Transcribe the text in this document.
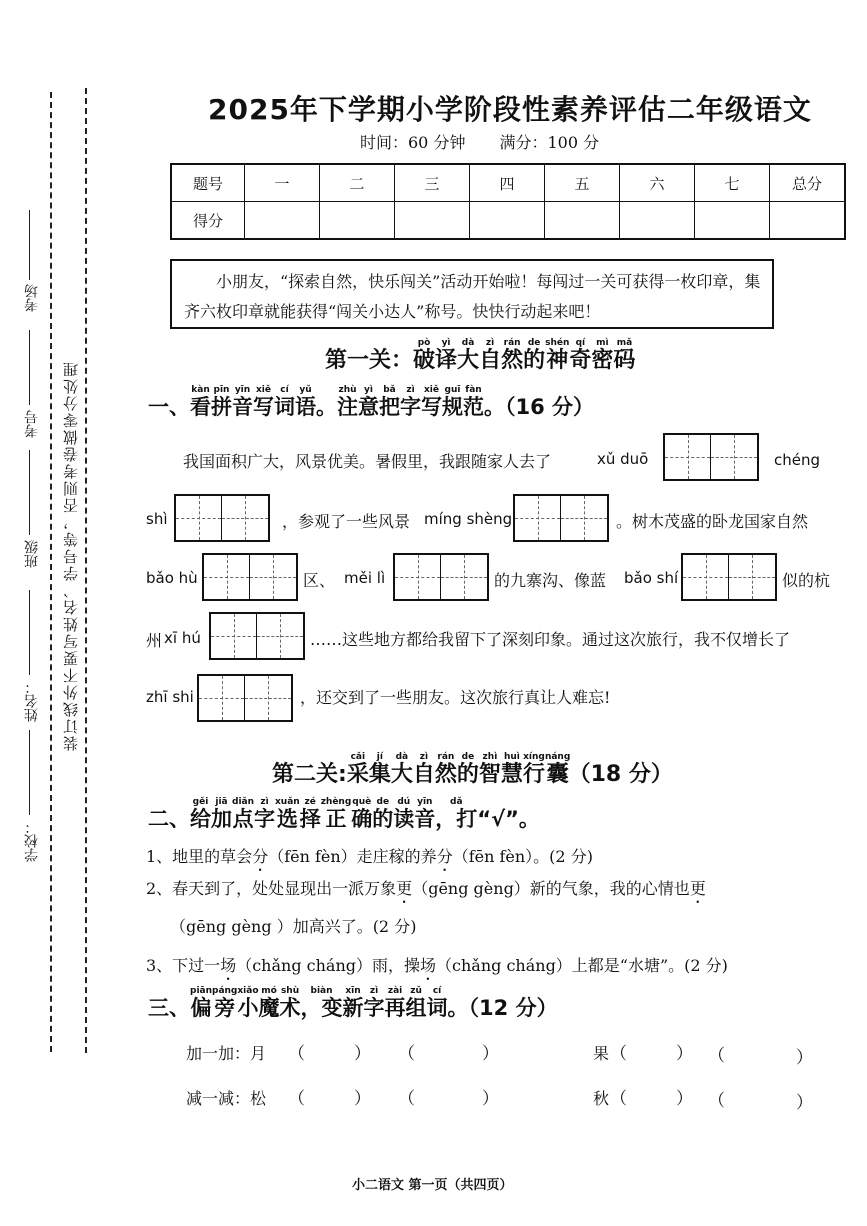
装订线外不要写姓名、学号等，否则考卷做零分处理
考场
考号
班级
姓名：
学校：
2025年下学期小学阶段性素养评估二年级语文
时间：60 分钟 满分：100 分
题号	一	二	三	四	五	六	七	总分
得分								
小朋友，“探索自然，快乐闯关”活动开始啦！每闯过一关可获得一枚印章，集齐六枚印章就能获得“闯关小达人”称号。快快行动起来吧！
第一关：破pò译yì大dà自zì然rán的de神shén奇qí密mì码mǎ
一、看kàn拼pīn音yīn写xiě词cí语yǔ。注zhù意yì把bǎ字zì写xiě规guī范fàn。（16 分）
我国面积广大，风景优美。暑假里，我跟随家人去了	xǔ duō	chéng
shì	，参观了一些风景 míng shèng	。树木茂盛的卧龙国家自然
bǎo hù	区、 měi lì	的九寨沟、像蓝 bǎo shí	似的杭
州 xī hú	……这些地方都给我留下了深刻印象。通过这次旅行，我不仅增长了
zhī shi	，还交到了一些朋友。这次旅行真让人难忘!
第二关:采cǎi集jí大dà自zì然rán的de智zhì慧huì行xíng囊náng（18 分）
二、给gěi加jiā点diǎn字zì选xuǎn择zé正zhèng确què的de读dú音yīn，打dǎ“√”。
1、地里的草会分（fēn fèn）走庄稼的养分（fēn fèn）。(2 分)
2、春天到了，处处显现出一派万象更（gēng gèng）新的气象，我的心情也更
（gēng gèng ）加高兴了。(2 分)
3、下过一场（chǎng cháng）雨，操场（chǎng cháng）上都是“水塘”。(2 分)
三、偏piān旁páng小xiǎo魔mó术shù，变biàn新xīn字zì再zài组zǔ词cí。（12 分）
加一加：月 （	） （	）	果 （	） （	）
减一减：松 （	） （	）	秋 （	） （	）
小二语文 第一页（共四页）
